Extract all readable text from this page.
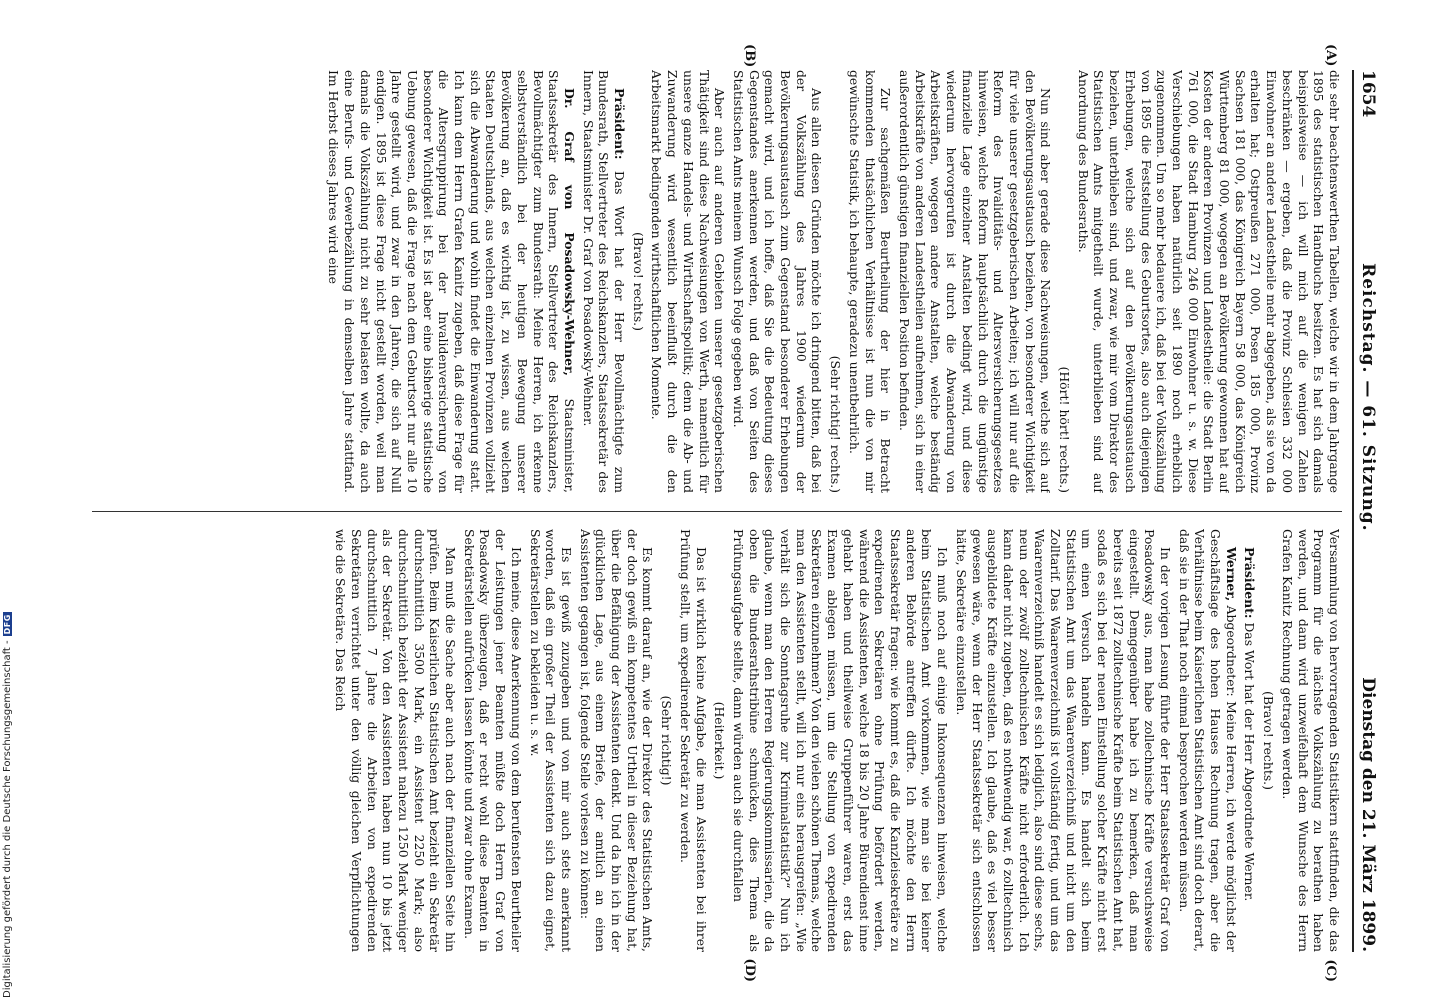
1654
Reichstag. — 61. Sitzung.
Dienstag den 21. März 1899.
(A)
(B)
(C)
(D)

die sehr beachtenswerthen Tabellen, welche wir in dem Jahrgange 1895 des statistischen Handbuchs besitzen. Es hat sich damals beispielsweise — ich will mich auf die wenigen Zahlen beschränken — ergeben, daß die Provinz Schlesien 332 000 Einwohner an andere Landestheile mehr abgegeben, als sie von da erhalten hat; Ostpreußen 271 000, Posen 185 000, Provinz Sachsen 181 000, das Königreich Bayern 58 000, das Königreich Württemberg 81 000, wogegen an Bevölkerung gewonnen hat auf Kosten der anderen Provinzen und Landestheile: die Stadt Berlin 761 000, die Stadt Hamburg 246 000 Einwohner u. s. w. Diese Verschiebungen haben natürlich seit 1890 noch erheblich zugenommen. Um so mehr bedauere ich, daß bei der Volkszählung von 1895 die Feststellung des Geburtsortes, also auch diejenigen Erhebungen, welche sich auf den Bevölkerungsaustausch beziehen, unterblieben sind, und zwar, wie mir vom Direktor des Statistischen Amts mitgetheilt wurde, unterblieben sind auf Anordnung des Bundesraths.

(Hört! hört! rechts.)

Nun sind aber gerade diese Nachweisungen, welche sich auf den Bevölkerungsaustausch beziehen, von besonderer Wichtigkeit für viele unserer gesetzgeberischen Arbeiten; ich will nur auf die Reform des Invaliditäts- und Altersversicherungsgesetzes hinweisen, welche Reform hauptsächlich durch die ungünstige finanzielle Lage einzelner Anstalten bedingt wird, und diese wiederum hervorgerufen ist durch die Abwanderung von Arbeitskräften, wogegen andere Anstalten, welche beständig Arbeitskräfte von anderen Landestheilen aufnehmen, sich in einer außerordentlich günstigen finanziellen Position befinden.

Zur sachgemäßen Beurtheilung der hier in Betracht kommenden thatsächlichen Verhältnisse ist nun die von mir gewünschte Statistik, ich behaupte, geradezu unentbehrlich.

(Sehr richtig! rechts.)

Aus allen diesen Gründen möchte ich dringend bitten, daß bei der Volkszählung des Jahres 1900 wiederum der Bevölkerungsaustausch zum Gegenstand besonderer Erhebungen gemacht wird, und ich hoffe, daß Sie die Bedeutung dieses Gegenstandes anerkennen werden, und daß von Seiten des Statistischen Amts meinem Wunsch Folge gegeben wird.

Aber auch auf anderen Gebieten unserer gesetzgeberischen Thätigkeit sind diese Nachweisungen von Werth, namentlich für unsere ganze Handels- und Wirthschaftspolitik; denn die Ab- und Zuwanderung wird wesentlich beeinflußt durch die den Arbeitsmarkt bedingenden wirthschaftlichen Momente.

(Bravo! rechts.)

Präsident: Das Wort hat der Herr Bevollmächtigte zum Bundesrath, Stellvertreter des Reichskanzlers, Staatssekretär des Innern, Staatsminister Dr. Graf von Posadowsky-Wehner.

Dr. Graf von Posadowsky-Wehner, Staatsminister, Staatssekretär des Innern, Stellvertreter des Reichskanzlers, Bevollmächtigter zum Bundesrath: Meine Herren, ich erkenne selbstverständlich bei der heutigen Bewegung unserer Bevölkerung an, daß es wichtig ist, zu wissen, aus welchen Staaten Deutschlands, aus welchen einzelnen Provinzen vollzieht sich die Abwanderung und wohin findet die Einwanderung statt. Ich kann dem Herrn Grafen Kanitz zugeben, daß diese Frage für die Altersgruppirung bei der Invalidenversicherung von besonderer Wichtigkeit ist. Es ist aber eine bisherige statistische Uebung gewesen, daß die Frage nach dem Geburtsort nur alle 10 Jahre gestellt wird, und zwar in den Jahren, die sich auf Null endigen. 1895 ist diese Frage nicht gestellt worden, weil man damals die Volkszählung nicht zu sehr belasten wollte, da auch eine Berufs- und Gewerbezählung in demselben Jahre stattfand. Im Herbst dieses Jahres wird eine

Versammlung von hervorragenden Statistikern stattfinden, die das Programm für die nächste Volkszählung zu berathen haben werden, und dann wird unzweifelhaft dem Wunsche des Herrn Grafen Kanitz Rechnung getragen werden.

(Bravo! rechts.)

Präsident: Das Wort hat der Herr Abgeordnete Werner.

Werner, Abgeordneter: Meine Herren, ich werde möglichst der Geschäftslage des hohen Hauses Rechnung tragen, aber die Verhältnisse beim Kaiserlichen Statistischen Amt sind doch derart, daß sie in der That noch einmal besprochen werden müssen.

In der vorigen Lesung führte der Herr Staatssekretär Graf von Posadowsky aus, man habe zollechnische Kräfte versuchsweise eingestellt. Demgegenüber habe ich zu bemerken, daß man bereits seit 1872 zolltechnische Kräfte beim Statistischen Amt hat, sodaß es sich bei der neuen Einstellung solcher Kräfte nicht erst um einen Versuch handeln kann. Es handelt sich beim Statistischen Amt um das Waarenverzeichniß und nicht um den Zolltarif. Das Waarenverzeichniß ist vollständig fertig, und um das Waarenverzeichniß handelt es sich lediglich, also sind diese sechs, neun oder zwölf zolltechnischen Kräfte nicht erforderlich. Ich kann daher nicht zugeben, daß es nothwendig war, 6 zolltechnisch ausgebildete Kräfte einzustellen. Ich glaube, daß es viel besser gewesen wäre, wenn der Herr Staatssekretär sich entschlossen hätte, Sekretäre einzustellen.

Ich muß noch auf einige Inkonsequenzen hinweisen, welche beim Statistischen Amt vorkommen, wie man sie bei keiner anderen Behörde antreffen dürfte. Ich möchte den Herrn Staatssekretär fragen: wie kommt es, daß die Kanzleisekretäre zu expedirenden Sekretären ohne Prüfung befördert werden, während die Assistenten, welche 18 bis 20 Jahre Bürendienst inne gehabt haben und theilweise Gruppenführer waren, erst das Examen ablegen müssen, um die Stellung von expedirenden Sekretären einzunehmen? Von den vielen schönen Themas, welche man den Assistenten stellt, will ich nur eins herausgreifen: „Wie verhält sich die Sonntagsruhe zur Kriminalstatistik?“ Nun ich glaube, wenn man den Herren Regierungskommissarien, die da oben die Bundesrathstribüne schmücken, dies Thema als Prüfungsaufgabe stellte, dann würden auch sie durchfallen

(Heiterkeit.)

Das ist wirklich keine Aufgabe, die man Assistenten bei ihrer Prüfung stellt, um expedirender Sekretär zu werden.

(Sehr richtig!)

Es kommt darauf an, wie der Direktor des Statistischen Amts, der doch gewiß ein kompetentes Urtheil in dieser Beziehung hat, über die Befähigung der Assistenten denkt. Und da bin ich in der glücklichen Lage, aus einem Briefe, der amtlich an einen Assistenten gegangen ist, folgende Stelle vorlesen zu können:

Es ist gewiß zuzugeben und von mir auch stets anerkannt worden, daß ein großer Theil der Assistenten sich dazu eignet, Sekretärstellen zu bekleiden u. s. w.

Ich meine, diese Anerkennung von dem berufensten Beurtheiler der Leistungen jener Beamten müßte doch Herrn Graf von Posadowsky überzeugen, daß er recht wohl diese Beamten in Sekretärstellen aufrücken lassen könnte und zwar ohne Examen.

Man muß die Sache aber auch nach der finanziellen Seite hin prüfen. Beim Kaiserlichen Statistischen Amt bezieht ein Sekretär durchschnittlich 3500 Mark, ein Assistent 2250 Mark; also durchschnittlich bezieht der Assistent nahezu 1250 Mark weniger als der Sekretär. Von den Assistenten haben nun 10 bis jetzt durchschnittlich 7 Jahre die Arbeiten von expedirenden Sekretären verrichtet unter den völlig gleichen Verpflichtungen wie die Sekretäre. Das Reich

Digitalisierung gefördert durch die Deutsche Forschungsgemeinschaft -
DFG
